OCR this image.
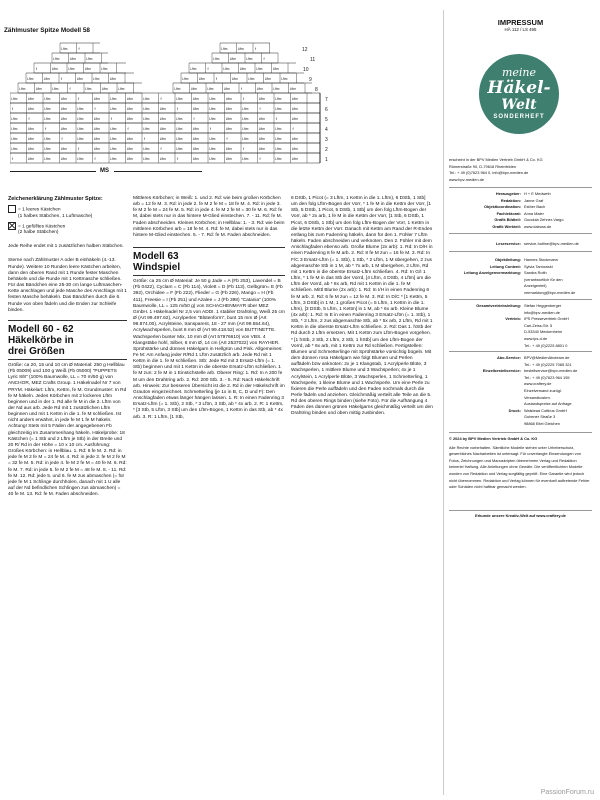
Zählmuster Spitze Modell 58
f	Lftm	Lftm	Lftm	Lftm	f	Lftm	Lftm	Lftm	Lftm	f	Lftm	Lftm	Lftm	Lftm	f	Lftm	Lftm	1
Lftm	Lftm	Lftm	Lftm	f	Lftm	Lftm	Lftm	Lftm	f	Lftm	Lftm	Lftm	Lftm	f	Lftm	Lftm	Lftm	2
Lftm	Lftm	Lftm	f	Lftm	Lftm	Lftm	Lftm	f	Lftm	Lftm	Lftm	Lftm	f	Lftm	Lftm	Lftm	Lftm	3
Lftm	Lftm	f	Lftm	Lftm	Lftm	Lftm	f	Lftm	Lftm	Lftm	Lftm	f	Lftm	Lftm	Lftm	Lftm	f	4
Lftm	f	Lftm	Lftm	Lftm	Lftm	f	Lftm	Lftm	Lftm	Lftm	f	Lftm	Lftm	Lftm	Lftm	f	Lftm	5
f	Lftm	Lftm	Lftm	Lftm	f	Lftm	Lftm	Lftm	Lftm	f	Lftm	Lftm	Lftm	Lftm	f	Lftm	Lftm	6
Lftm	Lftm	Lftm	Lftm	f	Lftm	Lftm	Lftm	Lftm	f	Lftm	Lftm	Lftm	Lftm	f	Lftm	Lftm	Lftm	7
Lftm	Lftm	Lftm	f	Lftm	Lftm	Lftm	Lftm	Lftm	Lftm	Lftm	f	Lftm	Lftm	Lftm	8
Lftm	Lftm	f	Lftm	Lftm	Lftm	Lftm	Lftm	f	Lftm	Lftm	Lftm	Lftm	9
f	Lftm	Lftm	Lftm	Lftm	Lftm	f	Lftm	Lftm	Lftm	Lftm	10
Lftm	Lftm	Lftm	Lftm	Lftm	Lftm	f	11
Lftm	f	Lftm	Lftm	f	12
MS

Zeichenerklärung Zählmuster Spitze:

= 1 leeres Kästchen

(1 halbes Stäbchen, 1 Luftmasche)

= 1 gefülltes Kästchen

(2 halbe Stäbchen)

Jede Reihe endet mit 1 zusätzlichen halben Stäbchen.

Sterne nach Zählmuster A oder B einhäkeln (4.-13. Runde). Weitere 10 Runden leere Kästchen arbeiten, dann den oberen Rand mit 1 Runde fester Maschen behäkeln und die Runde mit 1 Kettmasche schließen. Für das Bändchen eine 25-30 cm lange Luftmaschen-Kette anschlagen und jede Masche des Anschlags mit 1 festen Masche behäkeln. Das Bändchen durch die 6. Runde von oben fädeln und die Enden zur Schleife binden.

Modell 60 - 62

Häkelkörbe in

drei Größen

Größe: ca 20, 15 und 10 cm Ø Material: 250 g Hellblau (Fb 05009) und 100 g Weiß (Fb 05000) "PUPPETS Lyric 8/8" (100% Baumwolle, LL = 70 m/50 g) von ANCHOR, MEZ Crafts Group. 1 Häkelnadel Nr 7 von PRYM. Häkelart: Lftm, Kettm, fe M. Grundmuster: In Rd fe M häkeln. Jedes Körbchen mit 2 lockeren Lftm beginnen und in der 1. Rd alle fe M in die 2. Lftm von der Nd aus arb. Jede Rd mit 1 zusätzlichen Lftm beginnen und mit 1 Kettm in die 1. fe M schließen. Ist nicht anders erwähnt, in jede fe M 1 fe M häkeln. Achtung! Stets mit 5 Fäden der angegebenen Fb gleichzeitig im Zusammenhang häkeln. Häkelprobe: 18 Kästchen (= 1 Stb und 2 Lftm je Stb) in der Breite und 20 R/ Rd in der Höhe = 10 x 10 cm. Ausführung: Großes Körbchen: in Hellblau. 1. Rd: 6 fe M. 2. Rd: in jede fe M 2 fe M = 24 fe M. 4. Rd: in jede 3. fe M 2 fe M = 32 fe M. 5. Rd: in jede 4. fe M 2 fe M = 40 fe M. 6. Rd: fe M. 7. Rd: in jede 5. fe M 2 fe M = 48 fe M. 8. - 11. Rd: fe M. 12. Rd: jede 5. und 6. fe M zus abmaschen (= für jede fe M 1 Schlinge durchholen, danach mit 1 U alle auf der Nd befindlichen Schlingen zus abmaschen) = 40 fe M. 13. Rd: fe M. Faden abschneiden.

Mittleres Körbchen; in Weiß: 1. und 2. Rd: wie beim großen Körbchen arb = 12 fe M. 3. Rd: in jede 2. fe M 2 fe M = 18 fe M. 4. Rd: in jede 3. fe M 2 fe M = 24 fe M. 5. Rd: in jede 4. fe M 2 fe M = 30 fe M. 6. Rd: fe M, dabei stets nur in das hintere M-Glied einstechen. 7. - 11. Rd: fe M. Faden abschneiden. Kleines Körbchen; in Hellblau: 1. - 3. Rd: wie beim mittleren Körbchen arb = 18 fe M. 4. Rd: fe M, dabei stets nur in das hintere M-Glied einstechen. 5. - 7. Rd: fe M. Faden abschneiden.

Modell 63

Windspiel

Größe: ca 25 cm Ø Material: Je 50 g Jade = A (Fb 253), Lavendel = B (Fb 0422), Cyclam = C (Fb 114), Violett = D (Fb 113), Gelbgrün= E (Fb 392), Orchidee = F (Fb 222), Flieder = G (Fb 226), Mango = H (Fb 411), Freesie = I (Fb 251) und Azalee = J (Fb 398) "Catania" (100% Baumwolle, LL = 125 m/50 g) von SCHACHENMAYR über MEZ GmbH. 1 Häkelnadel Nr 2,5 von ADDI. 1 stabiler Drahtring, Weiß 25 cm Ø (Art 99.497.62), Acrylperlen "Blütenform", bunt 15 mm Ø (Art 99.874.00), Acrylsteine, transparent, 18 - 27 mm (Art 99.554.64), Acrylwachsperlen, bunt 8 mm Ø (Art 99.418.52) von BUTTINETTE. Wachsperlen bunter Mix, 10 mm Ø (Art 57976610) von VBS. 4 Klangstäbe hohl, Silber, 6 mm Ø, 14 cm (Art 2537022) von RAYHER. Sprühstärke und dünnes Häkelgarn in Hellgrün und Pink. Allgemeines: Fe M: Am Anfang jeder R/Rd 1 Lftm zusätzlich arb. Jede Rd mit 1 Kettm in die 1. fe M schließen. Stb: Jede Rd mit 3 Ersatz-Lftm (= 1. Stb) beginnen und mit 1 Kettm in die oberste Ersatz-Lftm schließen. 1 fe M zun: 2 fe M in 1 Einstichstelle arb. Oberer Ring: 1. Rd: In A 200 fe M um den Drahtring arb. 2. Rd: 200 Stb. 3. - 5. Rd: Nach Häkelschrift arb. Hinweis: Zur besseren Übersicht ist die 2. Rd in der Häkelschrift im Grauton eingezeichnet. Schmetterling (je 1x in B, C, D und F): Den Anschlagfaden etwas länger hängen lassen. 1. R: In einen Fadenring 3 Ersatz-Lftm (= 1. Stb), 2 Stb, * 3 Lftm, 3 Stb, ab * 4x arb. 2. R: 1 Kettm, * [3 Stb, 5 Lftm, 3 Stb] um den Lftm-Bogen, 1 Kettm in das Stb, ab * 4x arb. 3. R: 1 Lftm, [1 Stb,

6 DStb, 1 Picot (= 3 Lftm, 1 Kettm in die 1. Lftm), 6 DStb, 1 Stb] um den folg Lftm-Bogen der Vorr, * 1 fe M in die Kettm der Vorr, [1 Stb, 5 DStb, 1 Picot, 5 DStb, 1 Stb] um den folg Lftm-Bogen der Vorr, ab * 2x arb, 1 fe M in die Kettm der Vorr, [1 Stb, 6 DStb, 1 Picot, 6 DStb, 1 Stb] um den folg Lftm-Bogen der Vorr, 1 Kettm in die letzte Kettm der Vorr. Danach mit Kettm am Rand der R-Enden entlang bis zum Fadenring häkeln, dann für den 1. Fühler 7 Lftm häkeln. Faden abschneiden und verknoten. Den 2. Fühler mit dem Anschlagfaden ebenso arb. Große Blume (2x arb): 1. Rd: In D/H in einen Fadenring 8 fe M arb. 2. Rd: 8 fe M zun = 16 fe M. 3. Rd: In F/C 3 Ersatz-Lftm (= 1. Stb), 1 Stb, * 2 Lftm, 1 M übergehen, 2 zus abgemaschte Stb in 1 M, ab * 7x arb, 1 M übergehen, 2 Lftm, Rd mit 1 Kettm in die oberste Ersatz-Lftm schließen. 4. Rd: In G/I 1 Lftm, * 1 fe M in das Stb der Vorrd, [4 Lftm, 4 DStb, 4 Lftm] um die Lftm der Vorrd, ab * 8x arb, Rd mit 1 Kettm in die 1. fe M schließen. Mittl Blume (2x arb): 1. Rd: In I/H in einen Fadenring 6 fe M arb. 2. Rd: 6 fe M zun = 12 fe M. 3. Rd: In D/C * [1 Kettm, 5 Lftm, 3 DStb] in 1 M, 1 großes Picot (= 5 Lftm, 1 Kettm in die 1. Lftm), [3 DStb, 5 Lftm, 1 Kettm] in 1 M, ab * 6x arb. Kleine Blume (4x arb): 1. Rd: In E in einen Fadenring 3 Ersatz-Lftm (= 1. Stb), 1 Stb, * 2 Lftm, 2 zus abgemaschte Stb, ab * 5x arb, 2 Lftm, Rd mit 1 Kettm in die oberste Ersatz-Lftm schließen. 2. Rd: Das 1. hStb der Rd durch 2 Lftm ersetzen. Mit 1 Kettm zum Lftm-Bogen vorgehen. * [1 hStb, 2 Stb, 2 Lftm, 2 Stb, 1 hStb] um den Lftm-Bogen der Vorrd, ab * 6x arb, mit 1 Kettm zur Rd schließen. Fertigstellen: Blumen und Schmetterlinge mit Sprühstärke vorsichtig bügeln. Mit dem dünnen rosa Häkelgarn wie folgt Blumen und Perlen auffädeln bzw anknoten: 2x je 1 Klangstab, 1 Acrylperle Blüte, 3 Wachsperlen, 1 mittlere Blume und 3 Wachsperlen; 4x je 1 Acrylstein, 1 Acrylperle Blüte, 3 Wachsperlen, 1 Schmetterling, 1 Wachsperle, 1 kleine Blume und 1 Wachsperle. Um eine Perle zu fixieren die Perle auffädeln und den Faden nochmals durch die Perle fädeln und anziehen. Gleichmäßig verteilt alle Teile an die 5. Rd des oberen Rings binden (siehe Foto). Für die Aufhängung 4 Fäden des dünnen grünen Häkelgarns gleichmäßig verteilt um den Drahtring binden und oben mittig zusbinden.

IMPRESSUM
HÄ 112 / LS 495
meine
Häkel-
Welt
SONDERHEFT
erscheint in der BPV Medien Vertrieb GmbH & Co. KG
Römerstraße 90, D-79618 Rheinfelden
Tel.: + 49 (0)7623 964 0, info@bpv-medien.de
www.bpv-medien.de
Herausgeber: H + E Medweth
Redaktion: Janne Graf
Objektkoordination: Esther Bach
Fachlektorat: Anna Maier
Grafik Bildteil: Gundula Zehner-Vargo
Grafik Werkteil: www.dabuss.de
Leserservice: service-hotline@bpv-medien.de
Objektleitung: Hannes Stockmann
Leitung Content: Sylvia Tarnowski
Leitung Anzeigenvermarktung: Sandra Roith
(verantwortlich für den
Anzeigenteil)
vermarktung@bpv-medien.de
Gesamtvertriebsleitung: Stefan Heggenberger
info@bpv-medien.de
Vertrieb: IPS Pressevertrieb GmbH
Carl-Zeiss-Str. 5
D-53340 Meckenheim
www.ips-d.de
Tel.: + 49 (0)2225 8801 0
Abo-Service: BPV@MedienAboteam.de
Tel.: + 49 (0)2225 7085 321
Einzelbestellservice: bestellservice@bpv-medien.de
Tel.: + 49 (0)7623 964 155
www.craftery.de
Einzelversand zuzügl.
Versandkosten.
Auslandspreise auf Anfrage
Druck: Walstead Cottbus GmbH
Gubener Straße 3
98868 Eitel Gleichen
© 2024 by BPV Medien Vertrieb GmbH & Co. KG
Alle Rechte vorbehalten. Sämtliche Modelle stehen unter Urheberschutz, gewerbliches Nacharbeiten ist untersagt. Für unverlangte Einsendungen von Fotos, Zeichnungen und Manuskripten übernehmen Verlag und Redaktion keinerlei Haftung. Alle Anleitungen ohne Gewähr. Die veröffentlichten Modelle wurden von Redaktion und Verlag sorgfältig geprüft. Eine Garantie wird jedoch nicht übernommen. Redaktion und Verlag können für eventuell auftretende Fehler oder Schäden nicht haftbar gemacht werden.
Erkunde unsere Kreativ-Welt auf www.craftery.de
PassionForum.ru
